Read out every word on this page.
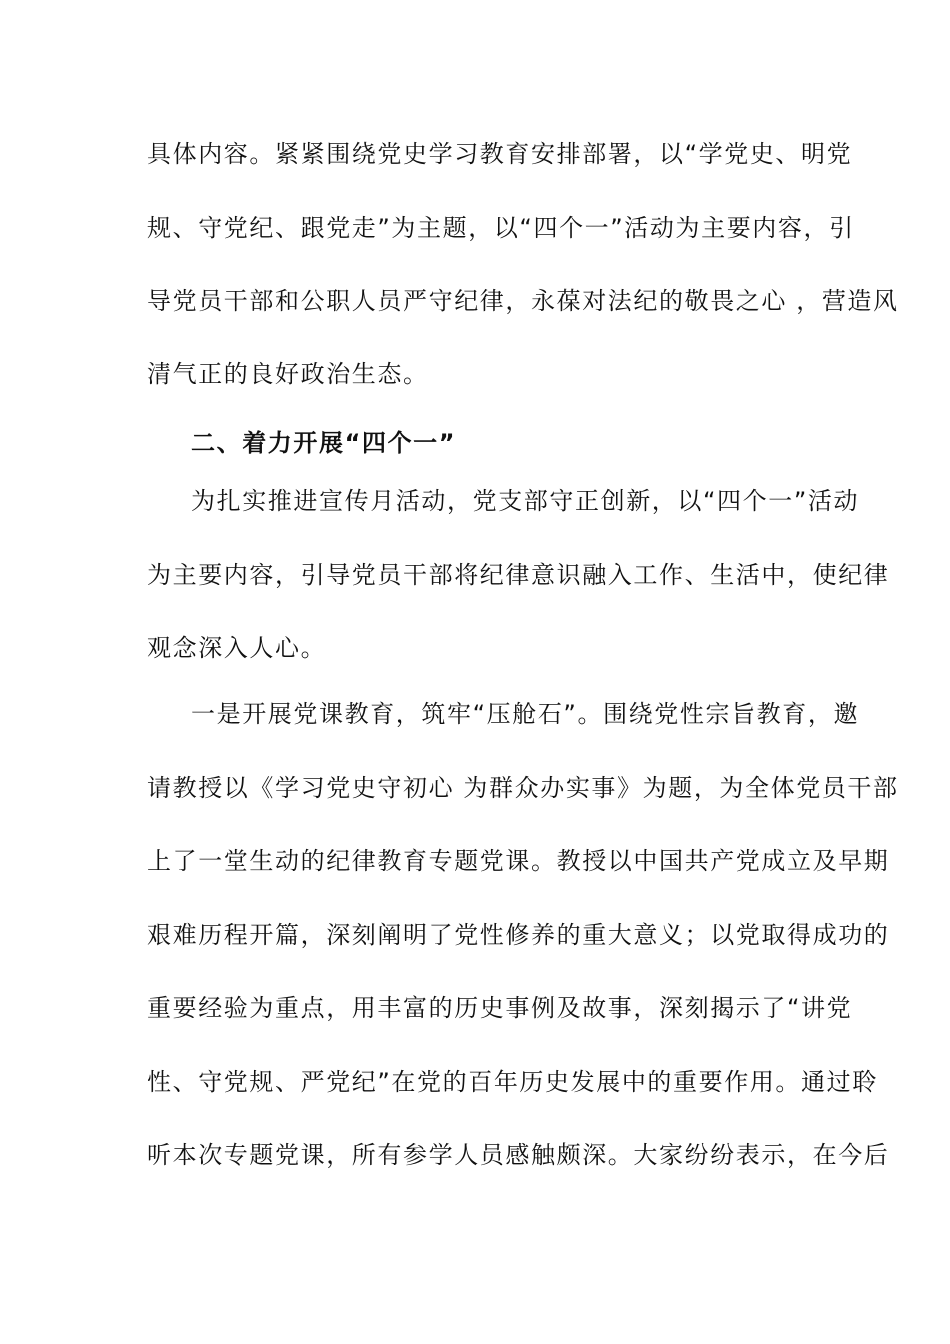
具体内容。紧紧围绕党史学习教育安排部署，以“学党史、明党
规、守党纪、跟党走”为主题，以“四个一”活动为主要内容，引
导党员干部和公职人员严守纪律，永葆对法纪的敬畏之心 ，营造风
清气正的良好政治生态。
二、着力开展“四个一”
为扎实推进宣传月活动，党支部守正创新，以“四个一”活动
为主要内容，引导党员干部将纪律意识融入工作、生活中，使纪律
观念深入人心。
一是开展党课教育，筑牢“压舱石”。围绕党性宗旨教育，邀
请教授以《学习党史守初心 为群众办实事》为题，为全体党员干部
上了一堂生动的纪律教育专题党课。教授以中国共产党成立及早期
艰难历程开篇，深刻阐明了党性修养的重大意义；以党取得成功的
重要经验为重点，用丰富的历史事例及故事，深刻揭示了“讲党
性、守党规、严党纪”在党的百年历史发展中的重要作用。通过聆
听本次专题党课，所有参学人员感触颇深。大家纷纷表示，在今后
